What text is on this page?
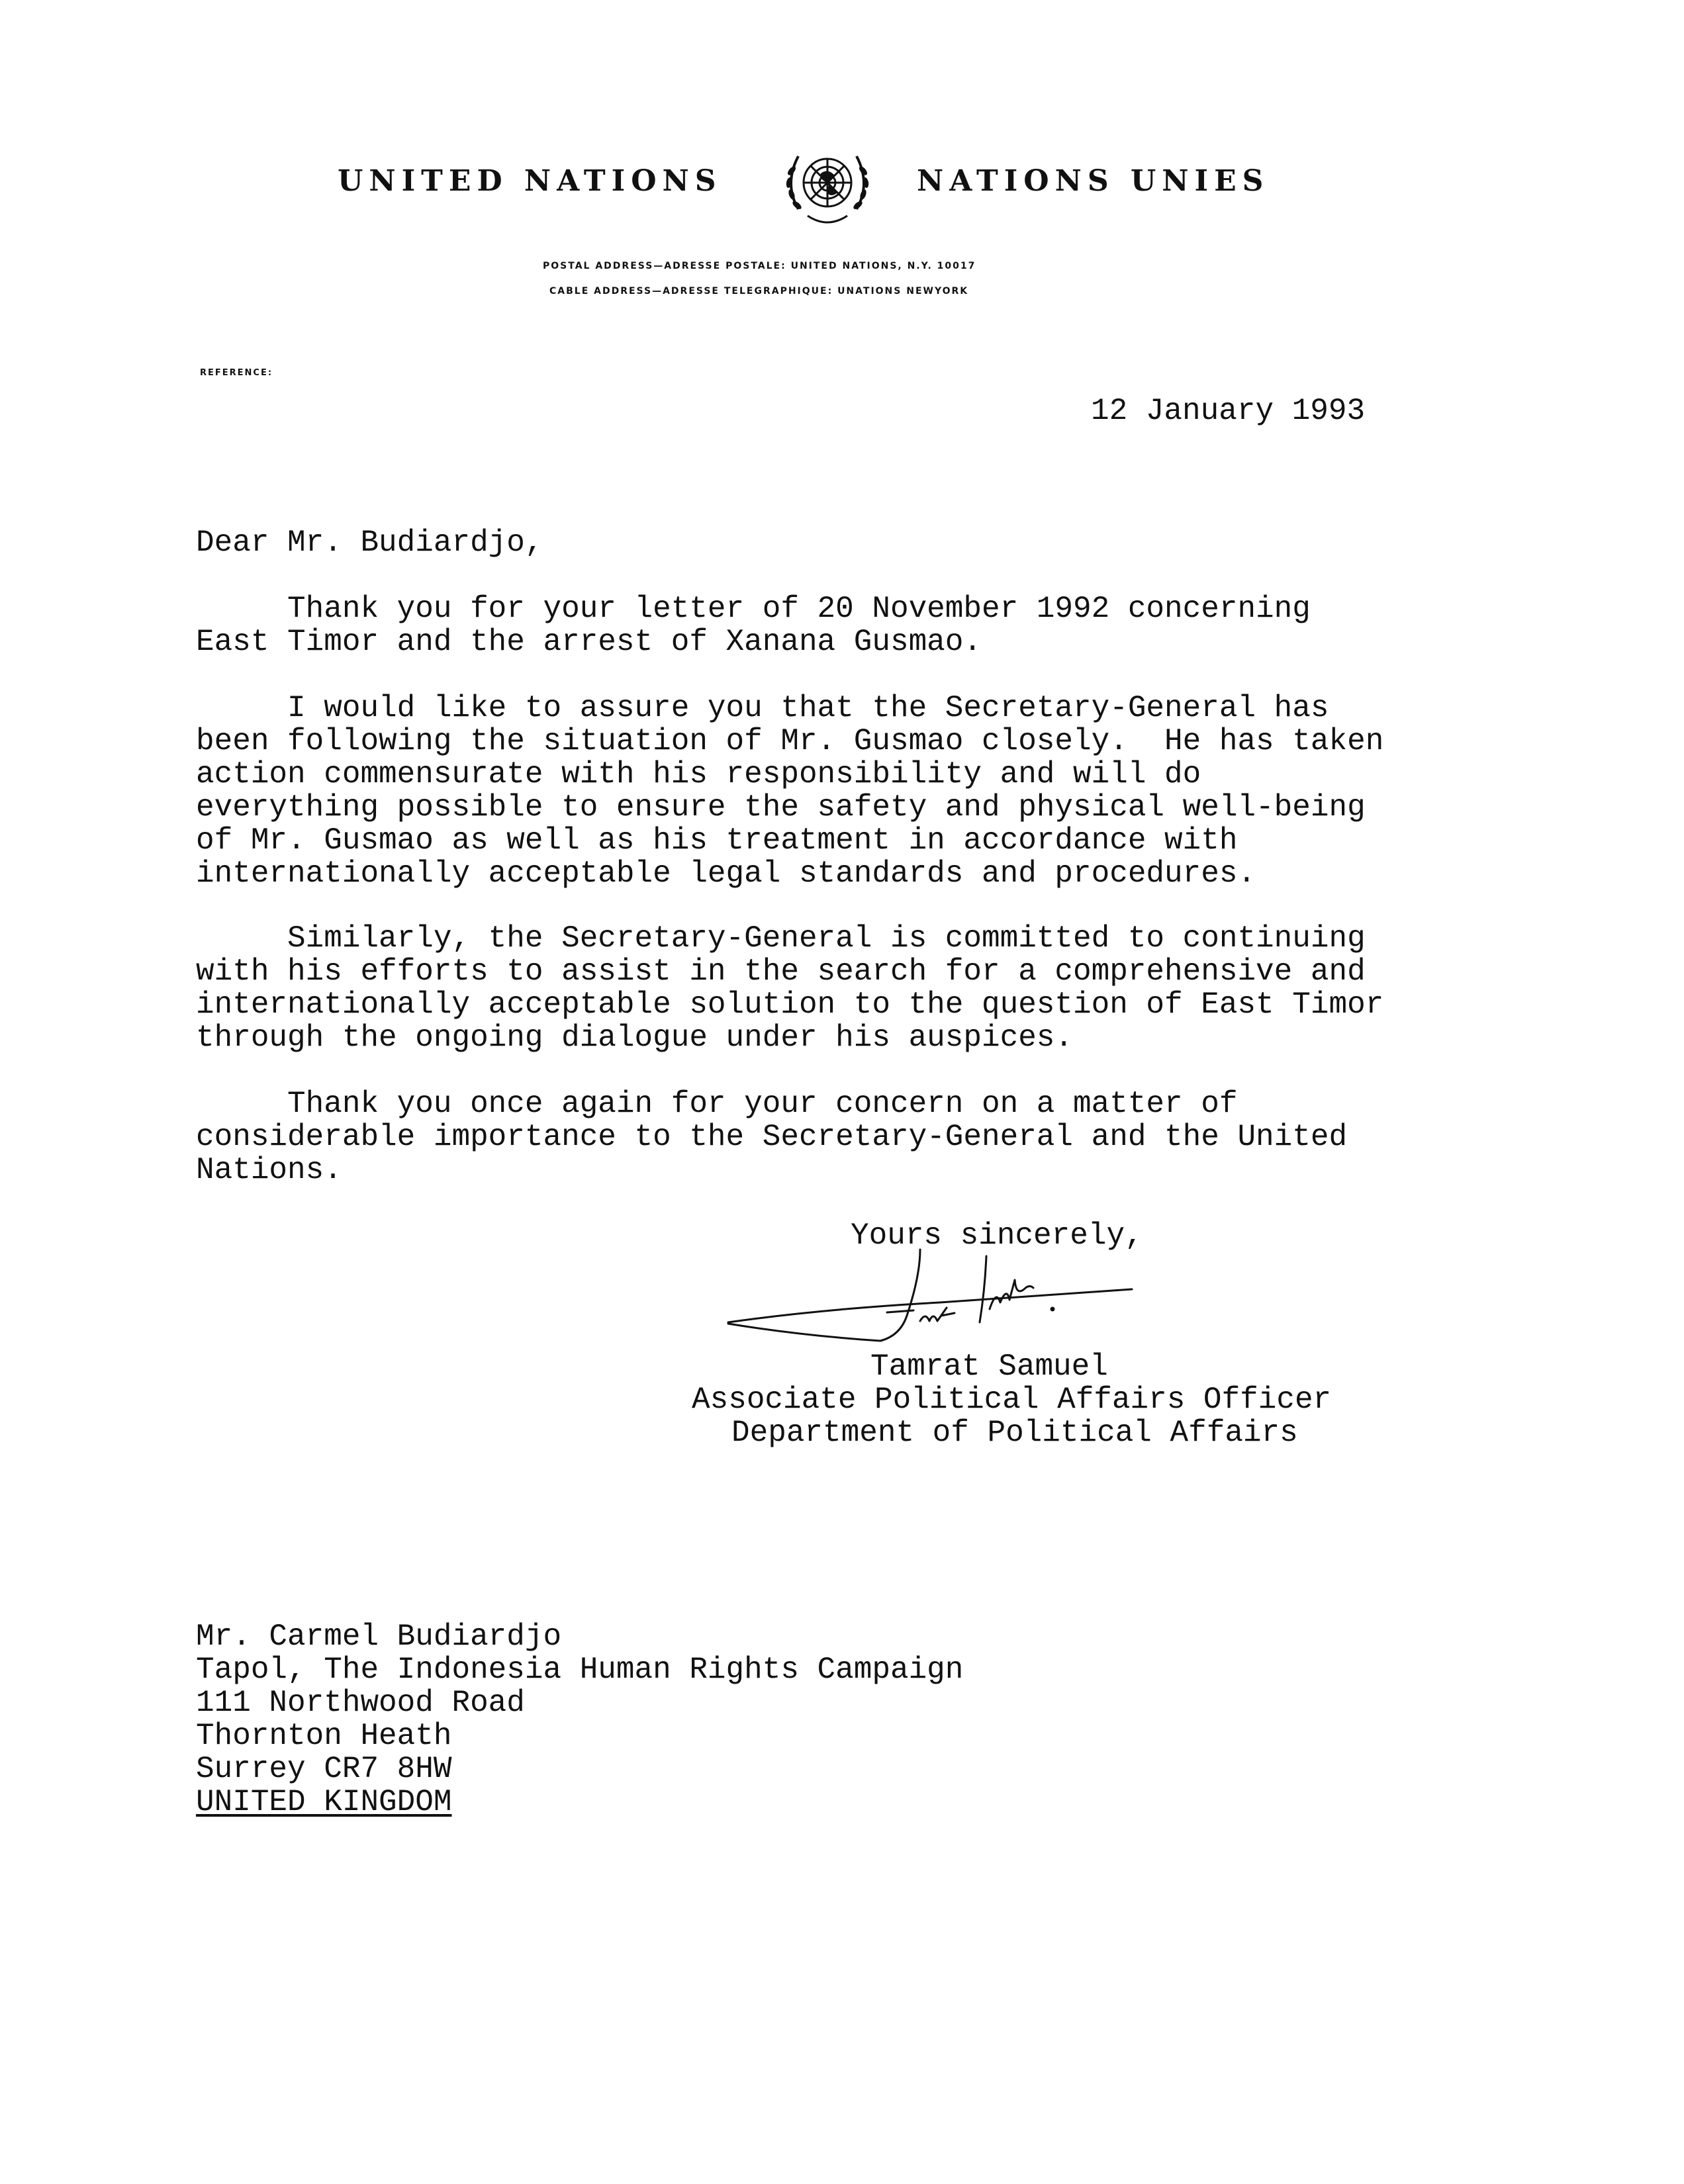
UNITED NATIONS	NATIONS UNIES
POSTAL ADDRESS—ADRESSE POSTALE: UNITED NATIONS, N.Y. 10017
CABLE ADDRESS—ADRESSE TELEGRAPHIQUE: UNATIONS NEWYORK
REFERENCE:
12 January 1993
Dear Mr. Budiardjo,

Thank you for your letter of 20 November 1992 concerning
East Timor and the arrest of Xanana Gusmao.

I would like to assure you that the Secretary-General has
been following the situation of Mr. Gusmao closely.  He has taken
action commensurate with his responsibility and will do
everything possible to ensure the safety and physical well-being
of Mr. Gusmao as well as his treatment in accordance with
internationally acceptable legal standards and procedures.

Similarly, the Secretary-General is committed to continuing
with his efforts to assist in the search for a comprehensive and
internationally acceptable solution to the question of East Timor
through the ongoing dialogue under his auspices.

Thank you once again for your concern on a matter of
considerable importance to the Secretary-General and the United
Nations.

Yours sincerely,
Tamrat Samuel
Associate Political Affairs Officer
Department of Political Affairs
Mr. Carmel Budiardjo
Tapol, The Indonesia Human Rights Campaign
111 Northwood Road
Thornton Heath
Surrey CR7 8HW
UNITED KINGDOM
